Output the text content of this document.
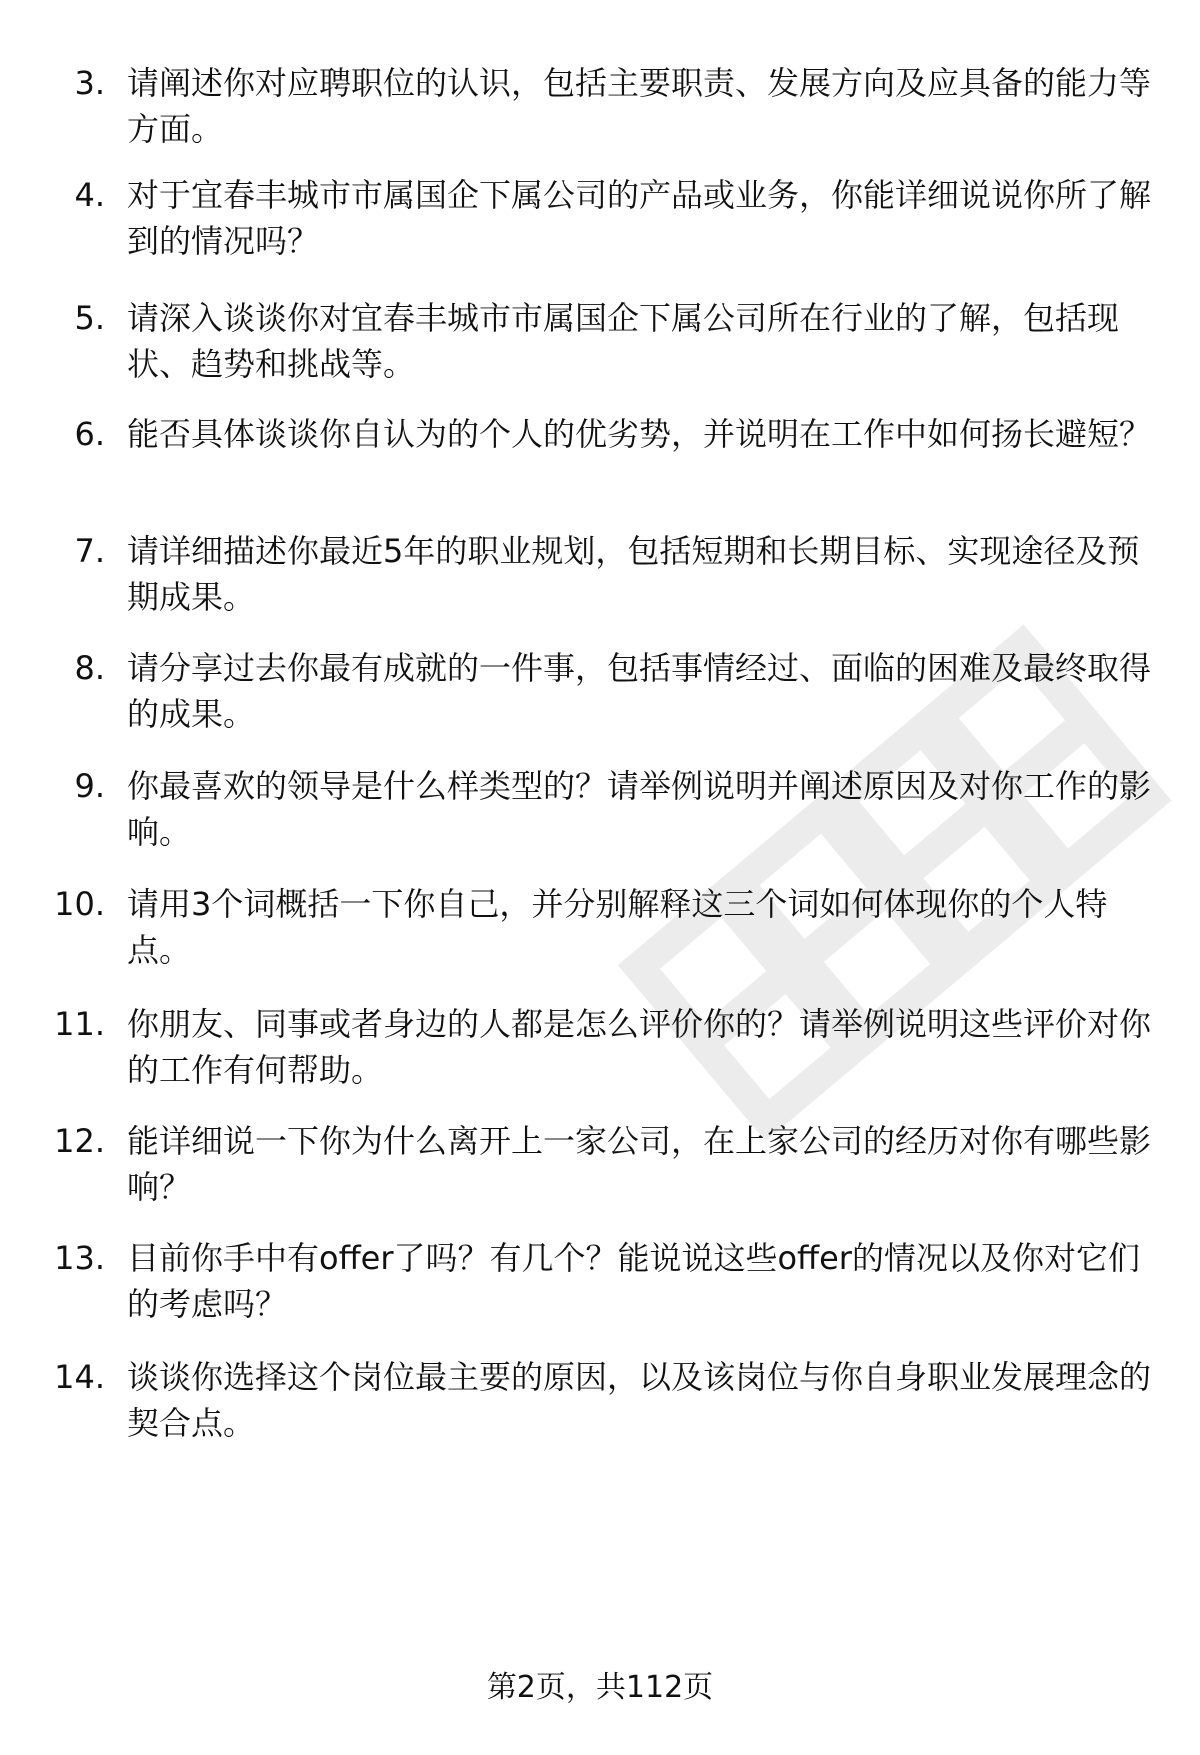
3. 请阐述你对应聘职位的认识，包括主要职责、发展方向及应具备的能力等方面。
4. 对于宜春丰城市市属国企下属公司的产品或业务，你能详细说说你所了解到的情况吗？
5. 请深入谈谈你对宜春丰城市市属国企下属公司所在行业的了解，包括现状、趋势和挑战等。
6. 能否具体谈谈你自认为的个人的优劣势，并说明在工作中如何扬长避短？
7. 请详细描述你最近5年的职业规划，包括短期和长期目标、实现途径及预期成果。
8. 请分享过去你最有成就的一件事，包括事情经过、面临的困难及最终取得的成果。
9. 你最喜欢的领导是什么样类型的？请举例说明并阐述原因及对你工作的影响。
10. 请用3个词概括一下你自己，并分别解释这三个词如何体现你的个人特点。
11. 你朋友、同事或者身边的人都是怎么评价你的？请举例说明这些评价对你的工作有何帮助。
12. 能详细说一下你为什么离开上一家公司，在上家公司的经历对你有哪些影响？
13. 目前你手中有offer了吗？有几个？能说说这些offer的情况以及你对它们的考虑吗？
14. 谈谈你选择这个岗位最主要的原因，以及该岗位与你自身职业发展理念的契合点。
第2页，共112页
